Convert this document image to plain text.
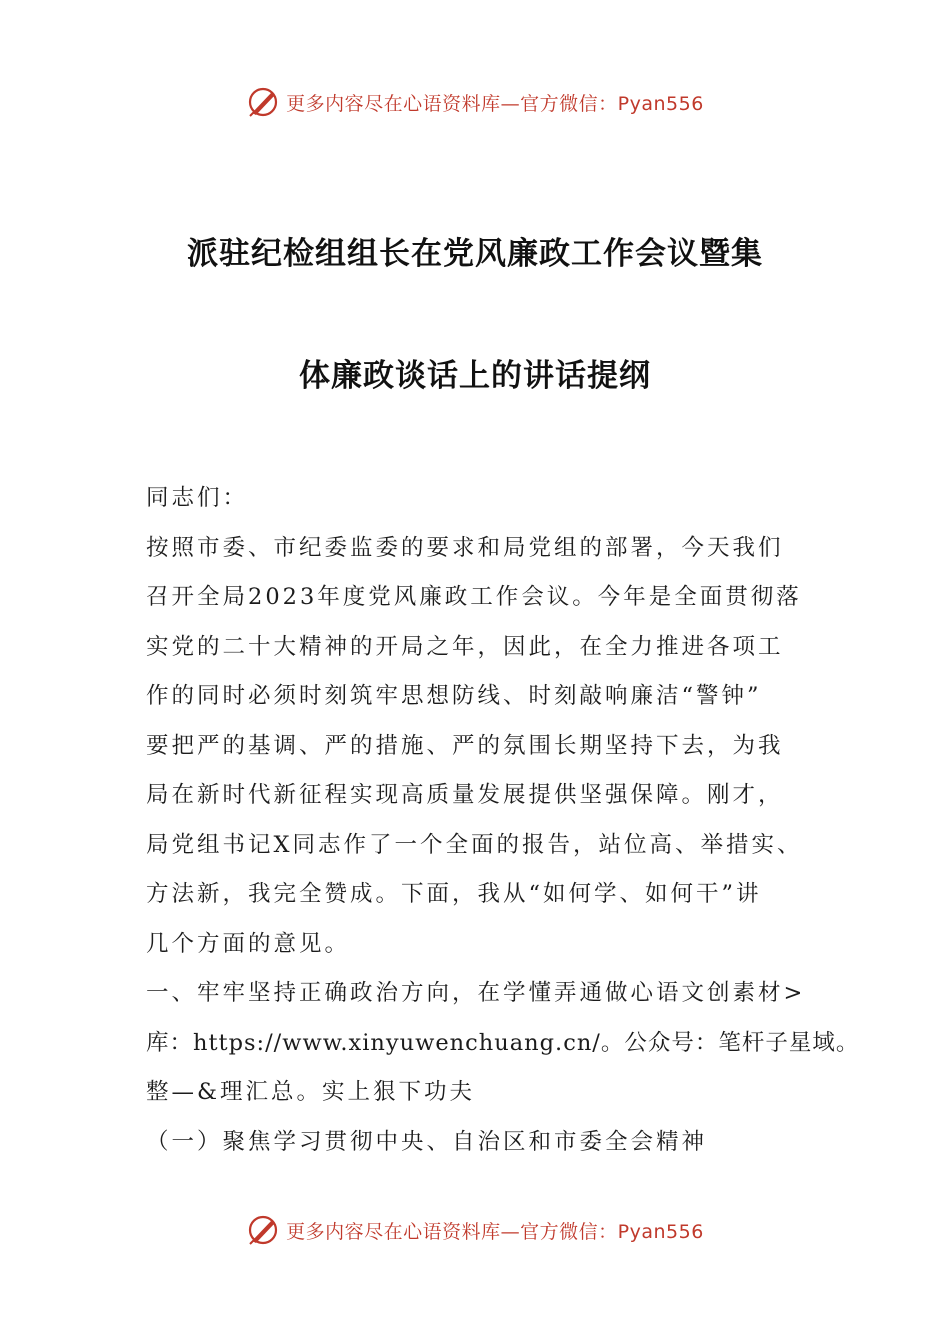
更多内容尽在心语资料库—官方微信：Pyan556
派驻纪检组组长在党风廉政工作会议暨集
体廉政谈话上的讲话提纲
同志们：
按照市委、市纪委监委的要求和局党组的部署，今天我们
召开全局2023年度党风廉政工作会议。今年是全面贯彻落
实党的二十大精神的开局之年，因此，在全力推进各项工
作的同时必须时刻筑牢思想防线、时刻敲响廉洁“警钟”
要把严的基调、严的措施、严的氛围长期坚持下去，为我
局在新时代新征程实现高质量发展提供坚强保障。刚才，
局党组书记X同志作了一个全面的报告，站位高、举措实、
方法新，我完全赞成。下面，我从“如何学、如何干”讲
几个方面的意见。
一、牢牢坚持正确政治方向，在学懂弄通做心语文创素材>
库：https://www.xinyuwenchuang.cn/。公众号：笔杆子星域。
整—&理汇总。实上狠下功夫
（一）聚焦学习贯彻中央、自治区和市委全会精神
更多内容尽在心语资料库—官方微信：Pyan556
